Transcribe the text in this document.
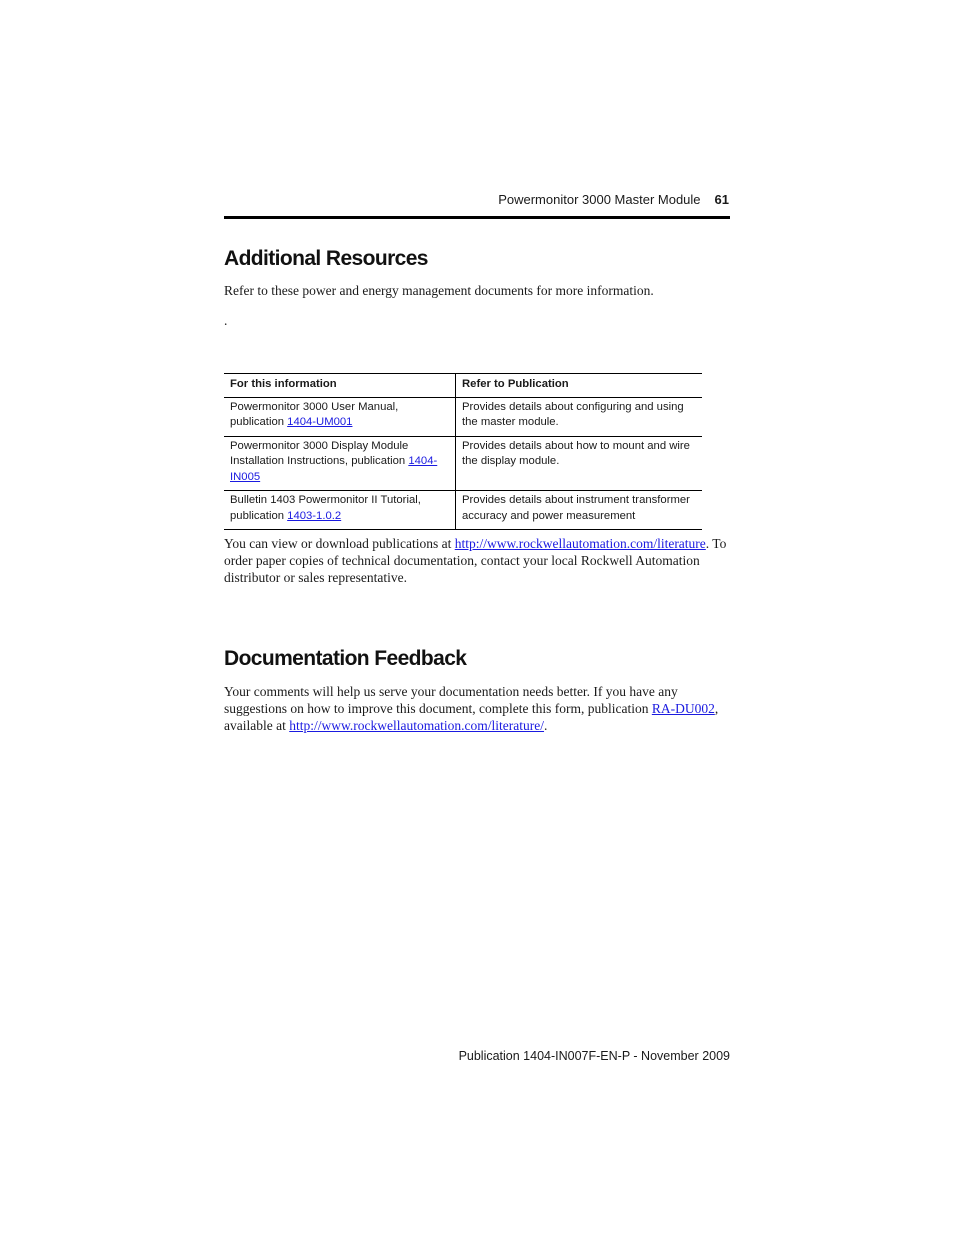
Powermonitor 3000 Master Module 61
Additional Resources

Refer to these power and energy management documents for more information.

.

For this information	Refer to Publication
Powermonitor 3000 User Manual, publication 1404-UM001	Provides details about configuring and using the master module.
Powermonitor 3000 Display Module Installation Instructions, publication 1404-IN005	Provides details about how to mount and wire the display module.
Bulletin 1403 Powermonitor II Tutorial, publication 1403-1.0.2	Provides details about instrument transformer accuracy and power measurement

You can view or download publications at http://www.rockwellautomation.com/literature. To order paper copies of technical documentation, contact your local Rockwell Automation distributor or sales representative.

Documentation Feedback

Your comments will help us serve your documentation needs better. If you have any suggestions on how to improve this document, complete this form, publication RA-DU002, available at http://www.rockwellautomation.com/literature/.

Publication 1404-IN007F-EN-P - November 2009
